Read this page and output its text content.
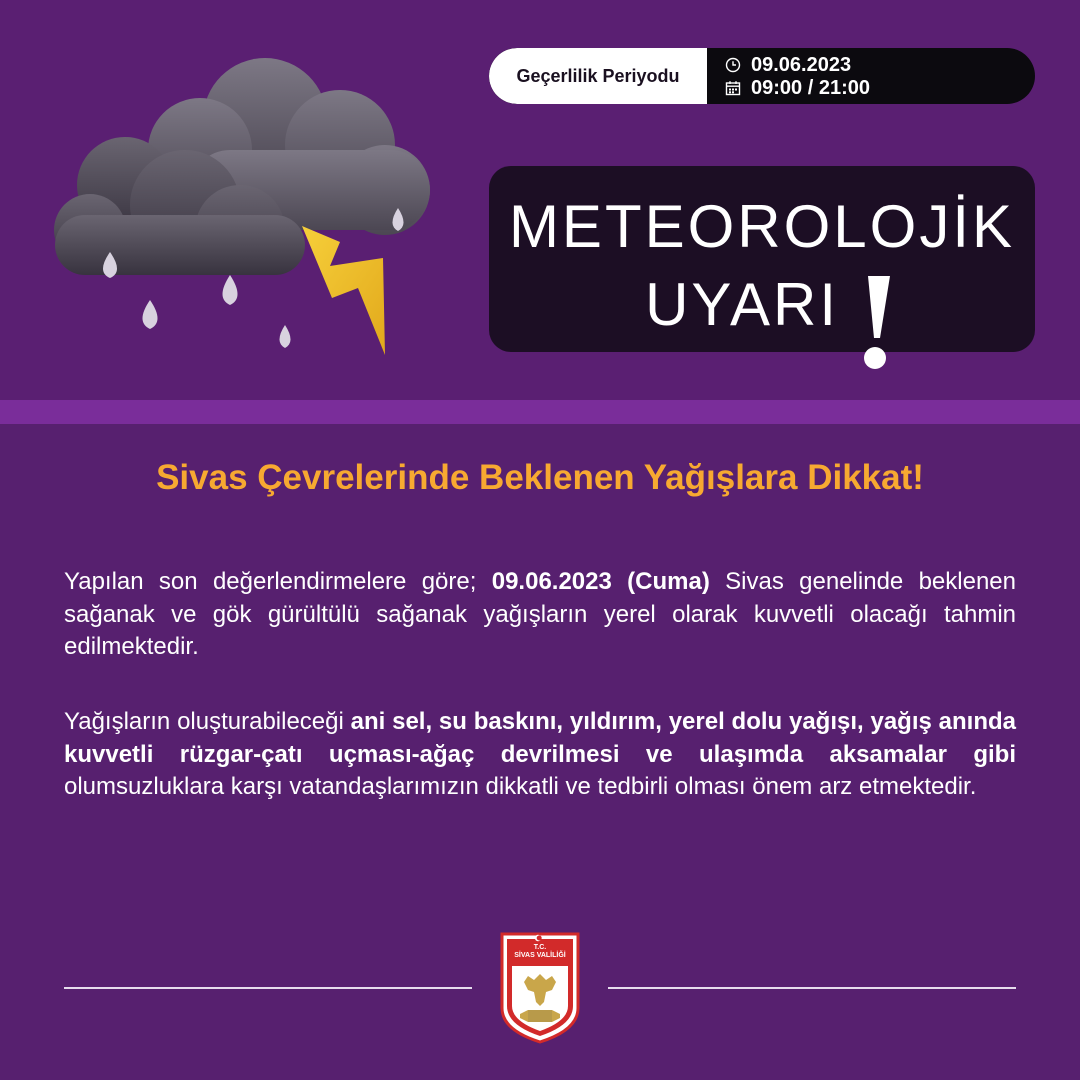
Geçerlilik Periyodu	09.06.2023
09:00 / 21:00
METEOROLOJİK
UYARI
Sivas Çevrelerinde Beklenen Yağışlara Dikkat!
Yapılan son değerlendirmelere göre; 09.06.2023 (Cuma) Sivas genelinde beklenen sağanak ve gök gürültülü sağanak yağışların yerel olarak kuvvetli olacağı tahmin edilmektedir.
Yağışların oluşturabileceği ani sel, su baskını, yıldırım, yerel dolu yağışı, yağış anında kuvvetli rüzgar-çatı uçması-ağaç devrilmesi ve ulaşımda aksamalar gibi olumsuzluklara karşı vatandaşlarımızın dikkatli ve tedbirli olması önem arz etmektedir.
T.C.
SİVAS VALİLİĞİ
